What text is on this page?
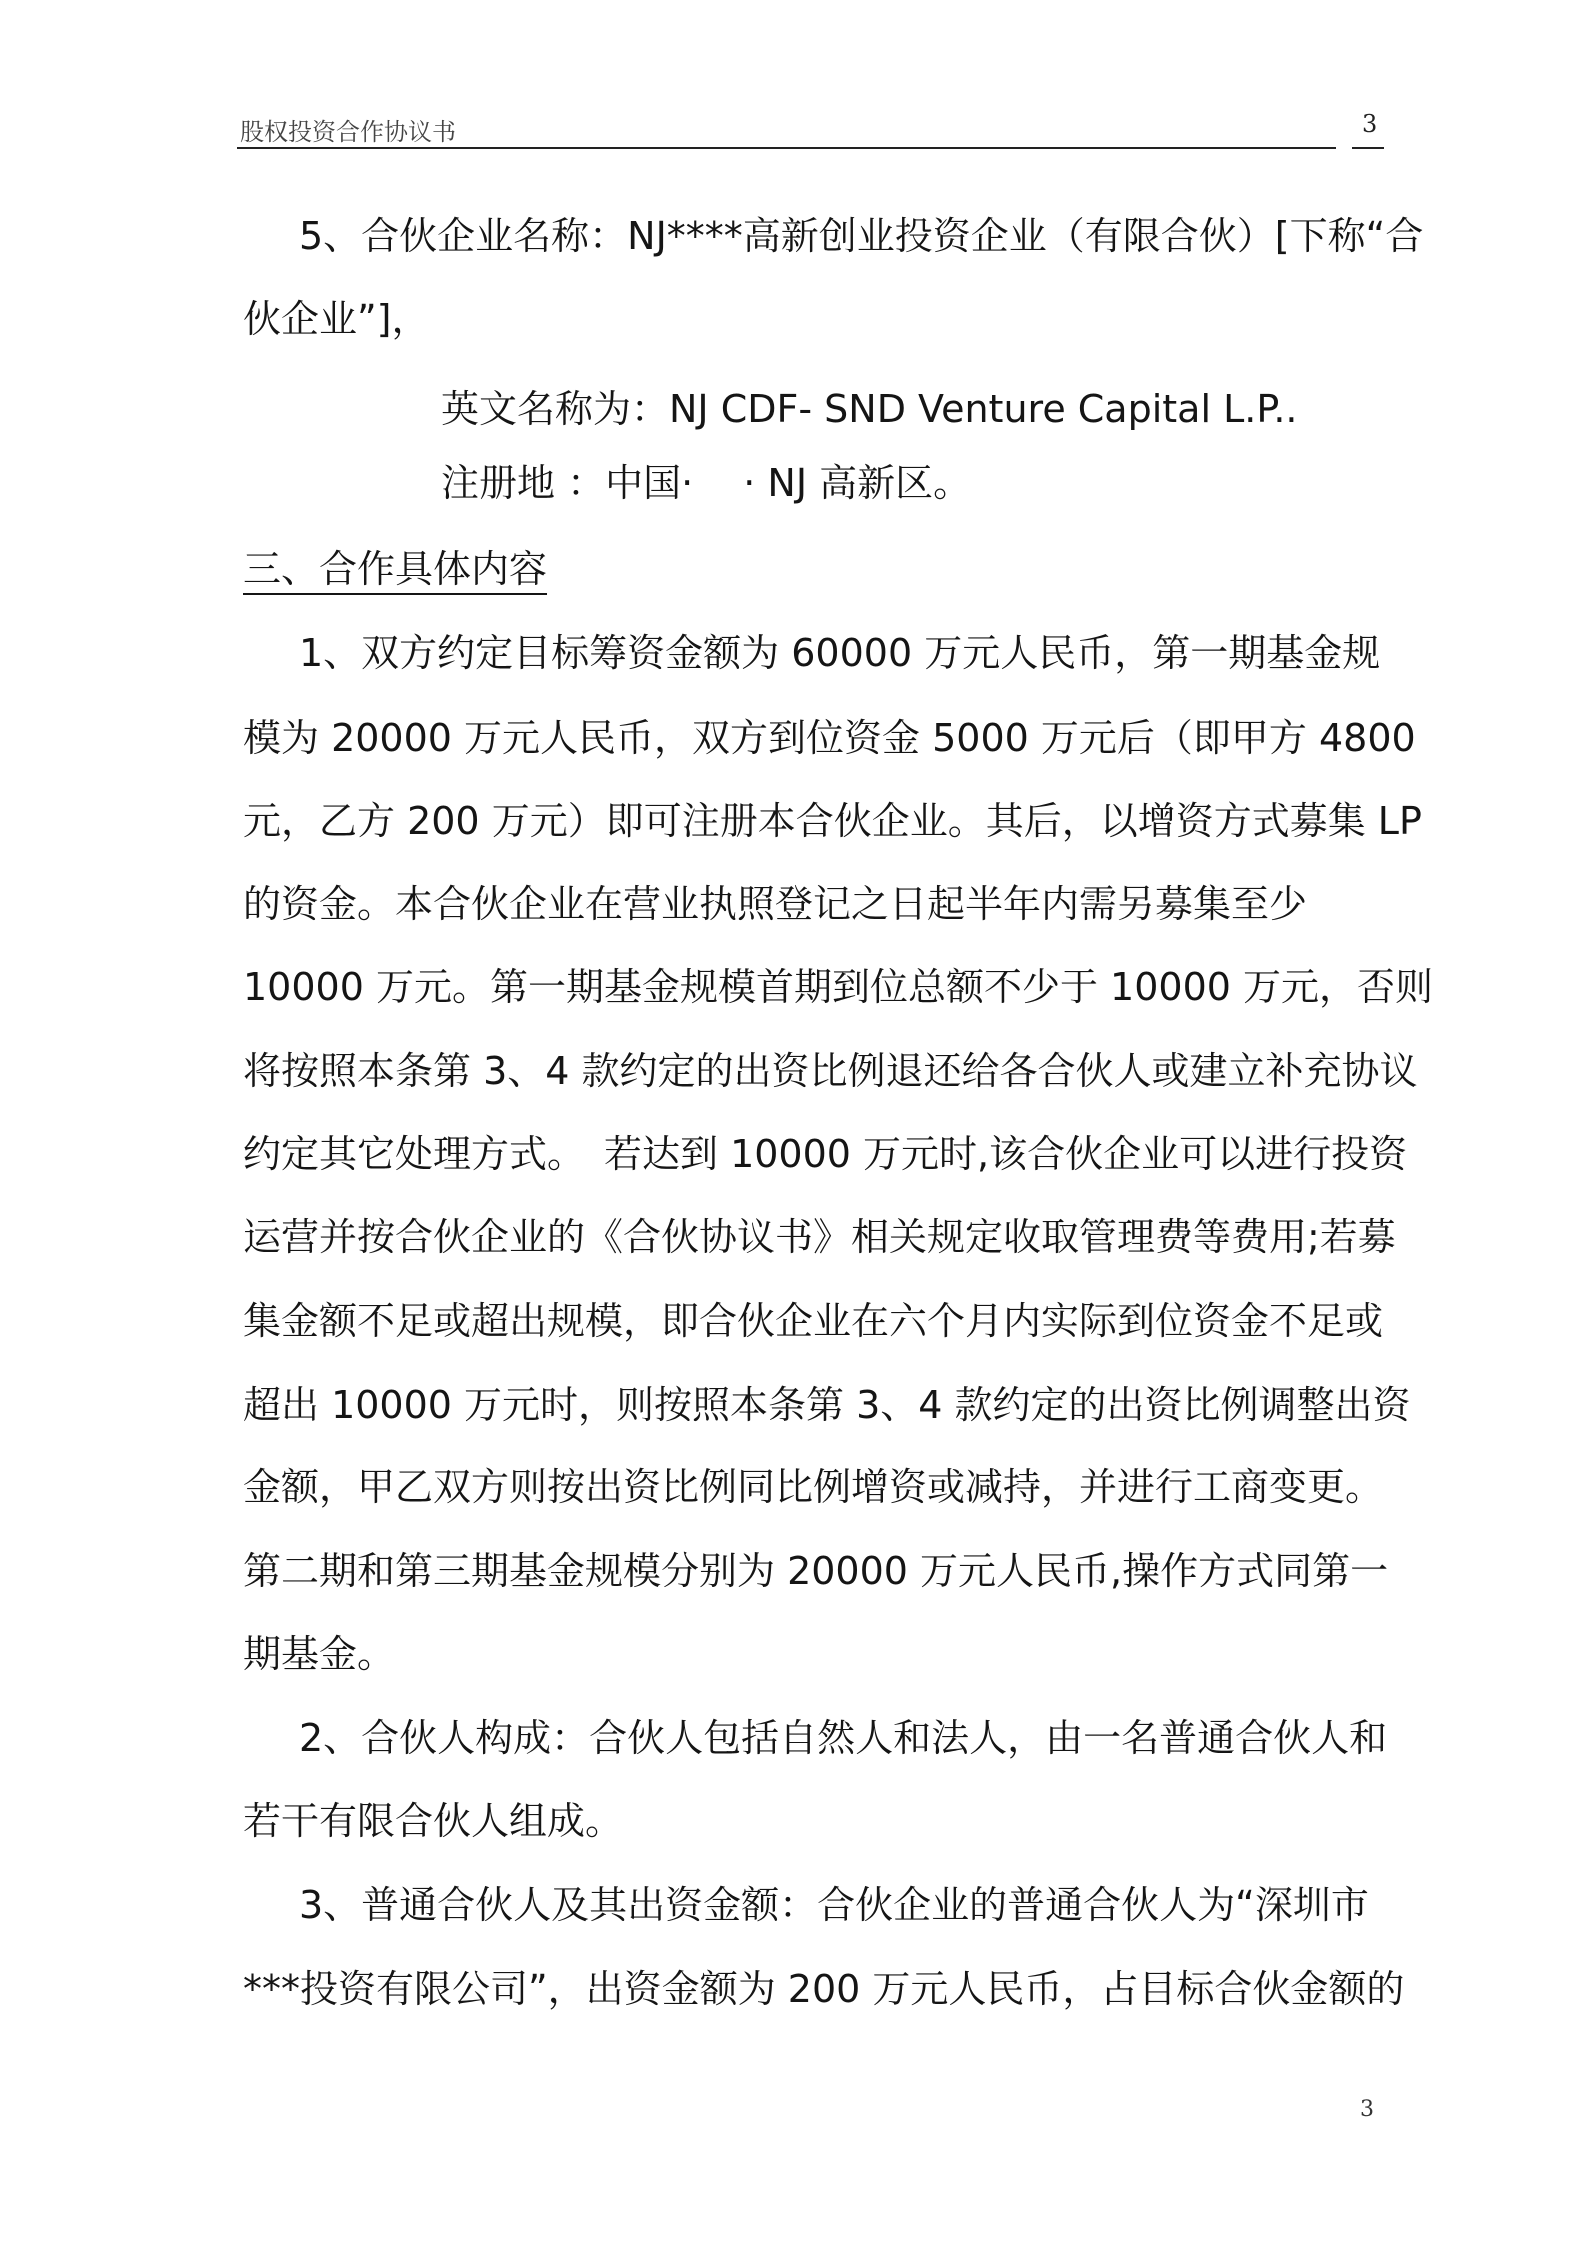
股权投资合作协议书	3
5、合伙企业名称：NJ****高新创业投资企业（有限合伙）[下称“合
伙企业”]，
英文名称为：NJ CDF- SND Venture Capital L.P..
注册地 ：中国·　 · NJ 高新区。
三、合作具体内容
1、双方约定目标筹资金额为 60000 万元人民币，第一期基金规
模为 20000 万元人民币，双方到位资金 5000 万元后（即甲方 4800
元，乙方 200 万元）即可注册本合伙企业。其后，以增资方式募集 LP
的资金。本合伙企业在营业执照登记之日起半年内需另募集至少
10000 万元。第一期基金规模首期到位总额不少于 10000 万元，否则
将按照本条第 3、4 款约定的出资比例退还给各合伙人或建立补充协议
约定其它处理方式。　若达到 10000 万元时,该合伙企业可以进行投资
运营并按合伙企业的《合伙协议书》相关规定收取管理费等费用;若募
集金额不足或超出规模，即合伙企业在六个月内实际到位资金不足或
超出 10000 万元时，则按照本条第 3、4 款约定的出资比例调整出资
金额，甲乙双方则按出资比例同比例增资或减持，并进行工商变更。
第二期和第三期基金规模分别为 20000 万元人民币,操作方式同第一
期基金。
2、合伙人构成：合伙人包括自然人和法人，由一名普通合伙人和
若干有限合伙人组成。
3、普通合伙人及其出资金额：合伙企业的普通合伙人为“深圳市
***投资有限公司”，出资金额为 200 万元人民币，占目标合伙金额的
3
